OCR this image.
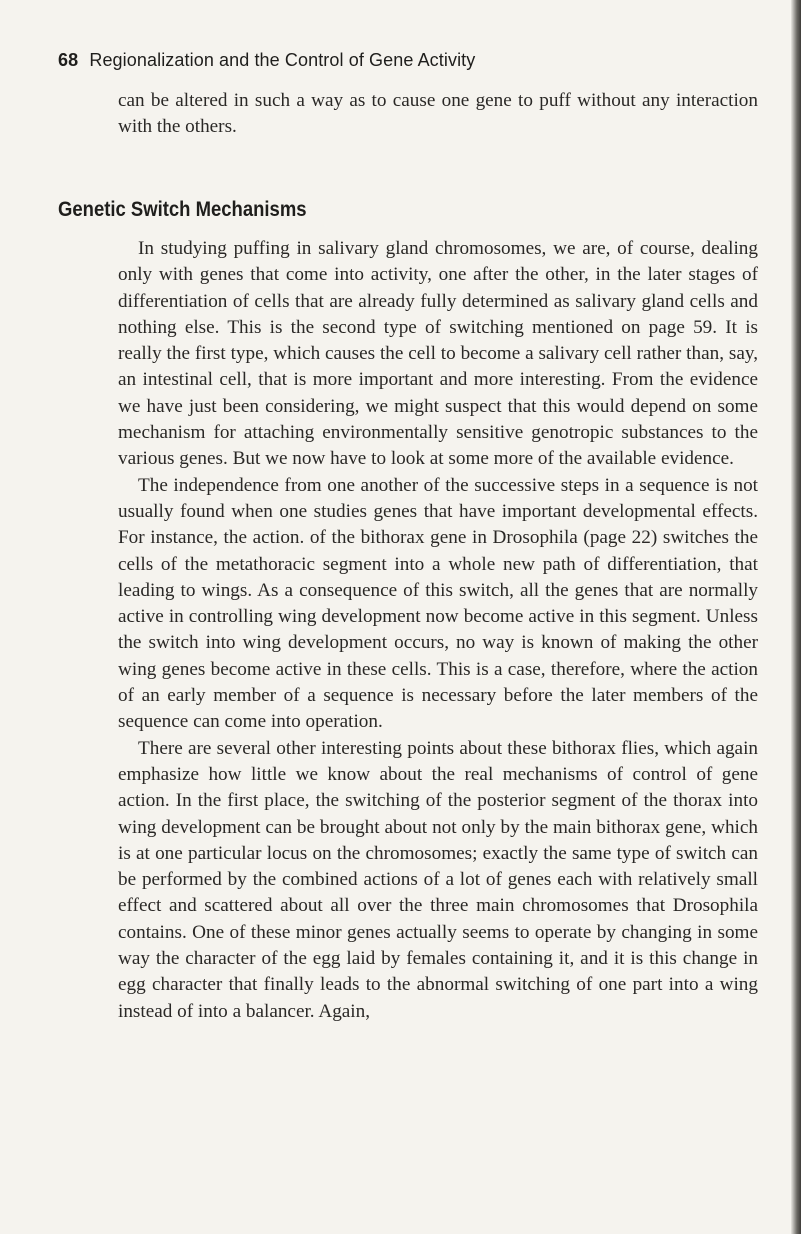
68 Regionalization and the Control of Gene Activity

can be altered in such a way as to cause one gene to puff without any interaction with the others.

Genetic Switch Mechanisms

In studying puffing in salivary gland chromosomes, we are, of course, dealing only with genes that come into activity, one after the other, in the later stages of differentiation of cells that are already fully determined as salivary gland cells and nothing else. This is the second type of switching mentioned on page 59. It is really the first type, which causes the cell to become a salivary cell rather than, say, an intestinal cell, that is more important and more interesting. From the evidence we have just been considering, we might suspect that this would depend on some mechanism for attaching environmentally sensitive genotropic substances to the various genes. But we now have to look at some more of the available evidence.

The independence from one another of the successive steps in a sequence is not usually found when one studies genes that have important developmental effects. For instance, the action. of the bithorax gene in Drosophila (page 22) switches the cells of the metathoracic segment into a whole new path of differentiation, that leading to wings. As a consequence of this switch, all the genes that are normally active in controlling wing development now become active in this segment. Unless the switch into wing development occurs, no way is known of making the other wing genes become active in these cells. This is a case, therefore, where the action of an early member of a sequence is necessary before the later members of the sequence can come into operation.

There are several other interesting points about these bithorax flies, which again emphasize how little we know about the real mechanisms of control of gene action. In the first place, the switching of the posterior segment of the thorax into wing development can be brought about not only by the main bithorax gene, which is at one particular locus on the chromosomes; exactly the same type of switch can be performed by the combined actions of a lot of genes each with relatively small effect and scattered about all over the three main chromosomes that Drosophila contains. One of these minor genes actually seems to operate by changing in some way the character of the egg laid by females containing it, and it is this change in egg character that finally leads to the abnormal switching of one part into a wing instead of into a balancer. Again,
